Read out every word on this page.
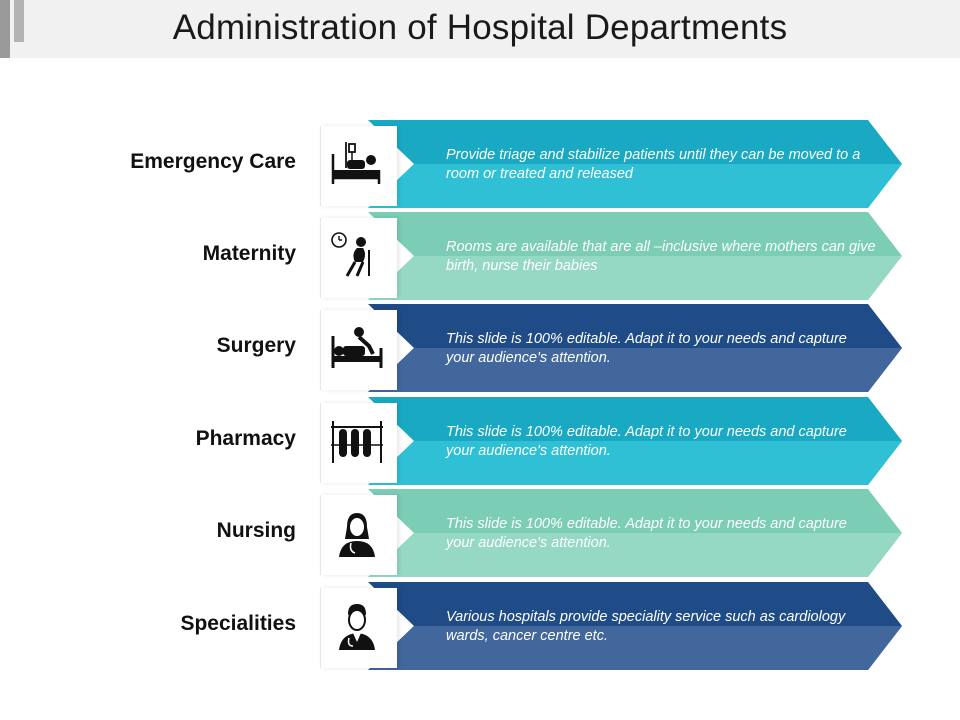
Administration of Hospital Departments
Emergency Care	Provide triage and stabilize patients until they can be moved to a room or treated and released
Maternity	Rooms are available that are all –inclusive where mothers can give birth, nurse their babies
Surgery	This slide is 100% editable. Adapt it to your needs and capture your audience's attention.
Pharmacy	This slide is 100% editable. Adapt it to your needs and capture your audience's attention.
Nursing	This slide is 100% editable. Adapt it to your needs and capture your audience's attention.
Specialities	Various hospitals provide speciality service such as cardiology wards, cancer centre etc.
